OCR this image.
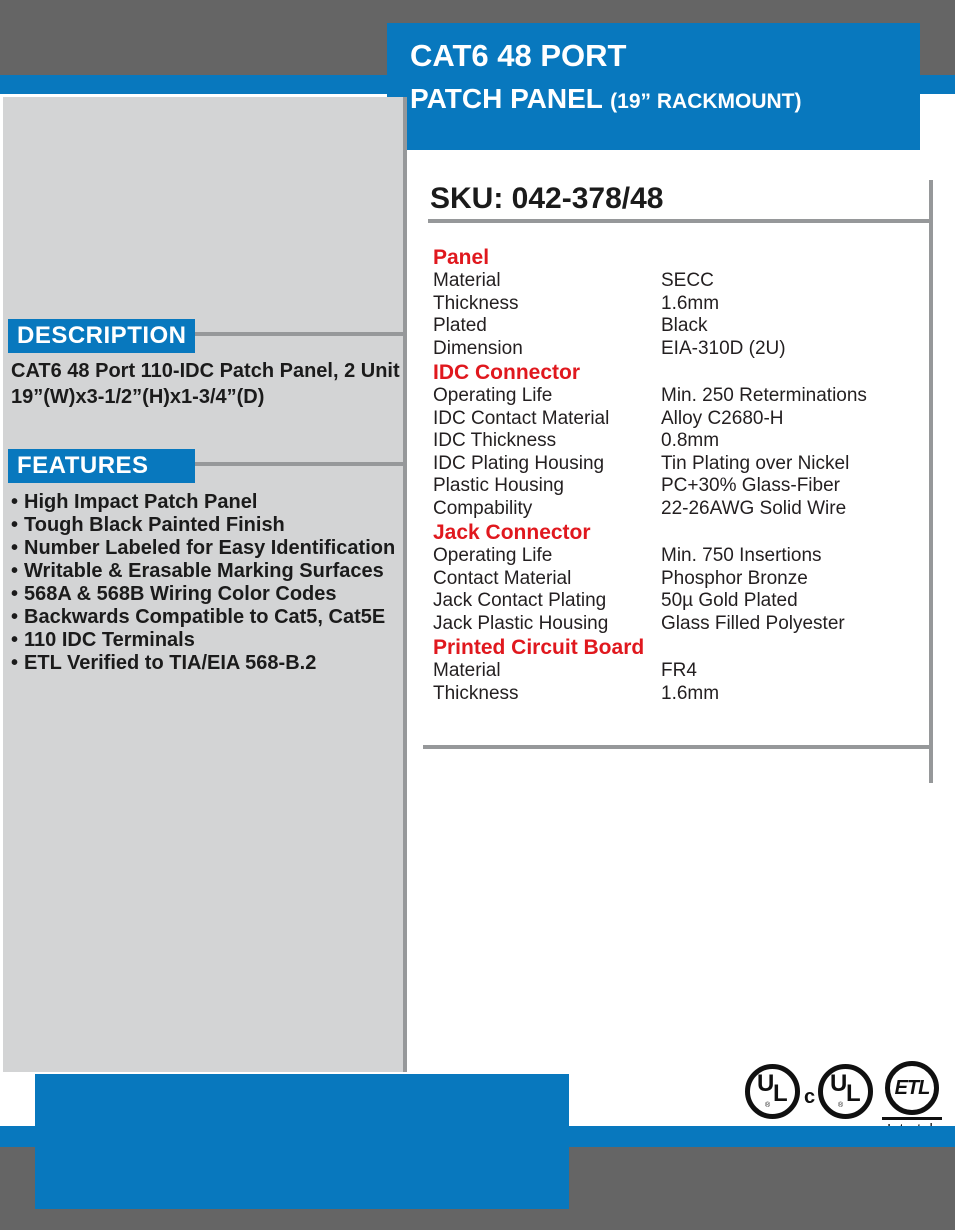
CAT6 48 PORT
PATCH PANEL (19” RACKMOUNT)
DESCRIPTION
CAT6 48 Port 110-IDC Patch Panel, 2 Unit
19”(W)x3-1/2”(H)x1-3/4”(D)
FEATURES
• High Impact Patch Panel
• Tough Black Painted Finish
• Number Labeled for Easy Identification
• Writable & Erasable Marking Surfaces
• 568A & 568B Wiring Color Codes
• Backwards Compatible to Cat5, Cat5E
• 110 IDC Terminals
• ETL Verified to TIA/EIA 568-B.2
SKU: 042-378/48
Panel
Material	SECC
Thickness	1.6mm
Plated	Black
Dimension	EIA-310D (2U)
IDC Connector
Operating Life	Min. 250 Reterminations
IDC Contact Material	Alloy C2680-H
IDC Thickness	0.8mm
IDC Plating Housing	Tin Plating over Nickel
Plastic Housing	PC+30% Glass-Fiber
Compability	22-26AWG Solid Wire
Jack Connector
Operating Life	Min. 750 Insertions
Contact Material	Phosphor Bronze
Jack Contact Plating	50µ Gold Plated
Jack Plastic Housing	Glass Filled Polyester
Printed Circuit Board
Material	FR4
Thickness	1.6mm
U
L
® c U
L
®
ETL
